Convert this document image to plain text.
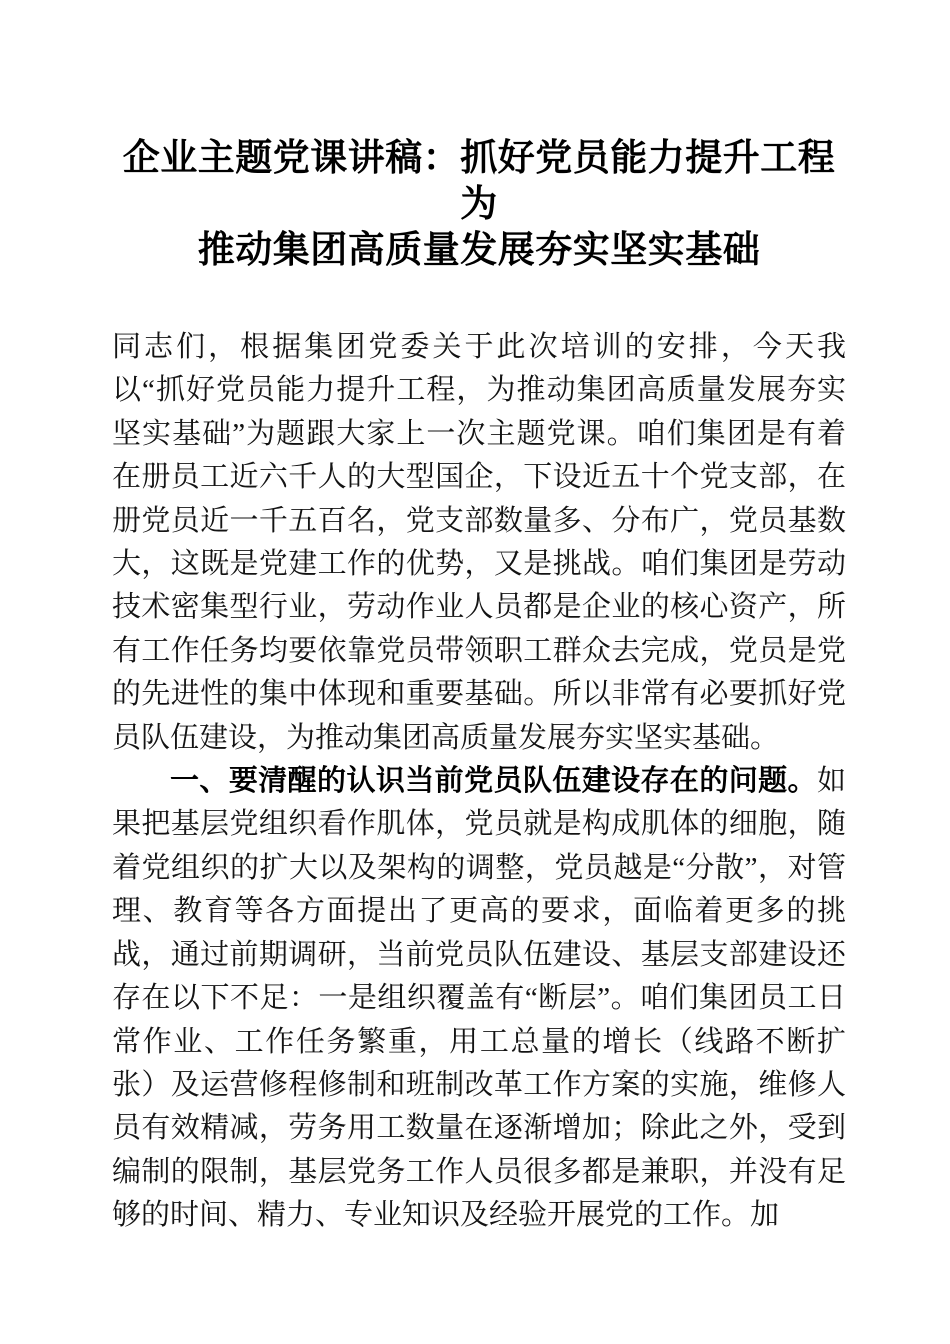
企业主题党课讲稿：抓好党员能力提升工程为
推动集团高质量发展夯实坚实基础

同志们，根据集团党委关于此次培训的安排，今天我以“抓好党员能力提升工程，为推动集团高质量发展夯实坚实基础”为题跟大家上一次主题党课。咱们集团是有着在册员工近六千人的大型国企，下设近五十个党支部，在册党员近一千五百名，党支部数量多、分布广，党员基数大，这既是党建工作的优势，又是挑战。咱们集团是劳动技术密集型行业，劳动作业人员都是企业的核心资产，所有工作任务均要依靠党员带领职工群众去完成，党员是党的先进性的集中体现和重要基础。所以非常有必要抓好党员队伍建设，为推动集团高质量发展夯实坚实基础。

一、要清醒的认识当前党员队伍建设存在的问题。如果把基层党组织看作肌体，党员就是构成肌体的细胞，随着党组织的扩大以及架构的调整，党员越是“分散”，对管理、教育等各方面提出了更高的要求，面临着更多的挑战，通过前期调研，当前党员队伍建设、基层支部建设还存在以下不足：一是组织覆盖有“断层”。咱们集团员工日常作业、工作任务繁重，用工总量的增长（线路不断扩张）及运营修程修制和班制改革工作方案的实施，维修人员有效精减，劳务用工数量在逐渐增加；除此之外，受到编制的限制，基层党务工作人员很多都是兼职，并没有足够的时间、精力、专业知识及经验开展党的工作。加
